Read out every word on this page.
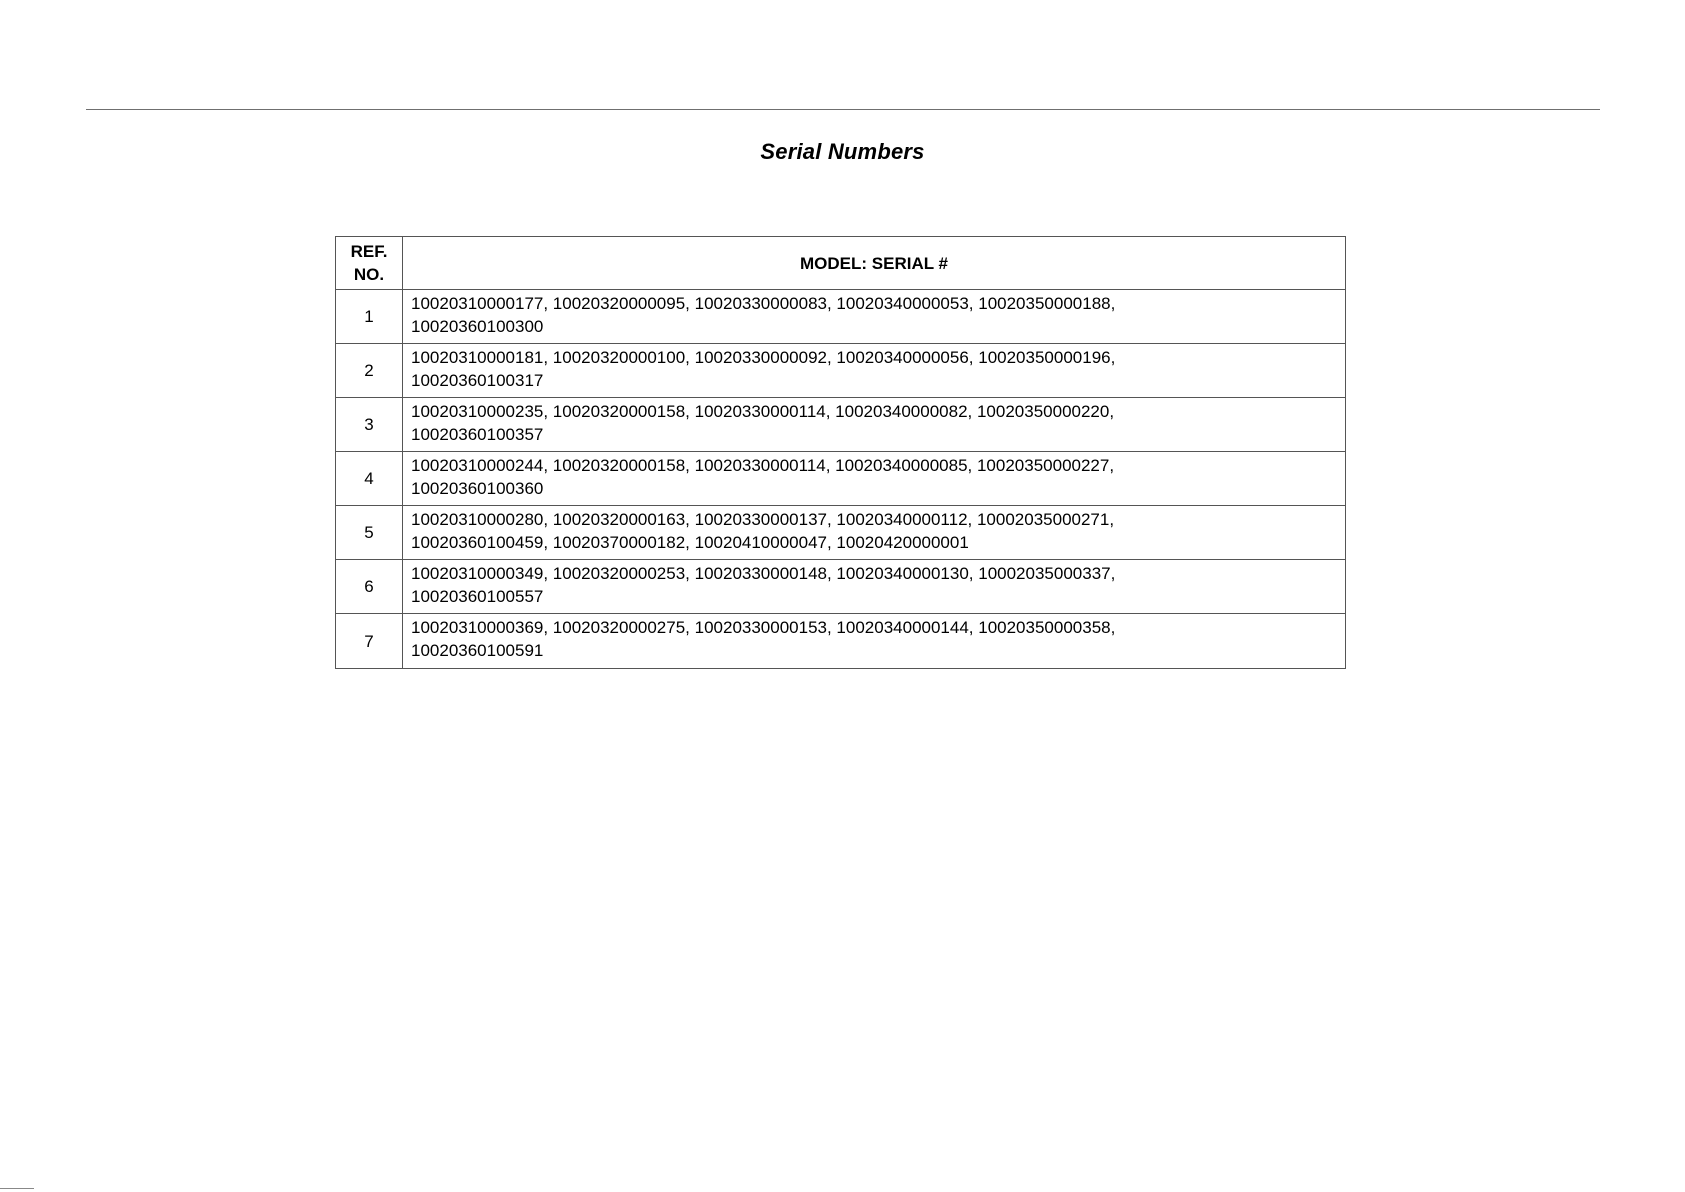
Serial Numbers
REF.
NO.	MODEL: SERIAL #
1	10020310000177, 10020320000095, 10020330000083, 10020340000053, 10020350000188,
10020360100300

2	10020310000181, 10020320000100, 10020330000092, 10020340000056, 10020350000196,
10020360100317

3	10020310000235, 10020320000158, 10020330000114, 10020340000082, 10020350000220,
10020360100357

4	10020310000244, 10020320000158, 10020330000114, 10020340000085, 10020350000227,
10020360100360

5	10020310000280, 10020320000163, 10020330000137, 10020340000112, 10002035000271,
10020360100459, 10020370000182, 10020410000047, 10020420000001

6	10020310000349, 10020320000253, 10020330000148, 10020340000130, 10002035000337,
10020360100557

7	10020310000369, 10020320000275, 10020330000153, 10020340000144, 10020350000358,
10020360100591
